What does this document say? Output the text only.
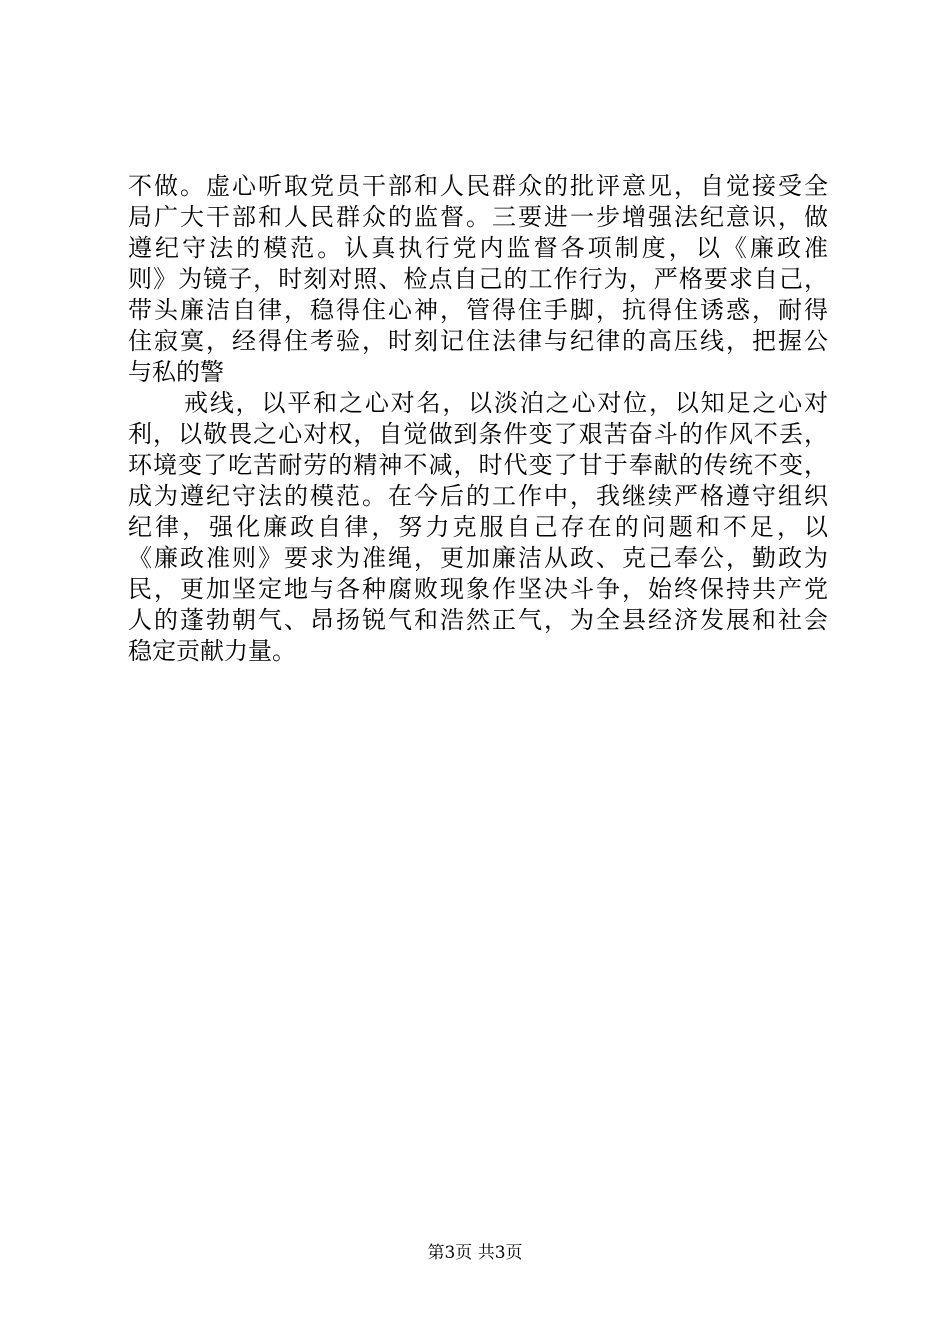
不做。虚心听取党员干部和人民群众的批评意见，自觉接受全
局广大干部和人民群众的监督。三要进一步增强法纪意识，做
遵纪守法的模范。认真执行党内监督各项制度，以《廉政准
则》为镜子，时刻对照、检点自己的工作行为，严格要求自己，
带头廉洁自律，稳得住心神，管得住手脚，抗得住诱惑，耐得
住寂寞，经得住考验，时刻记住法律与纪律的高压线，把握公
与私的警
戒线，以平和之心对名，以淡泊之心对位，以知足之心对
利，以敬畏之心对权，自觉做到条件变了艰苦奋斗的作风不丢，
环境变了吃苦耐劳的精神不减，时代变了甘于奉献的传统不变，
成为遵纪守法的模范。在今后的工作中，我继续严格遵守组织
纪律，强化廉政自律，努力克服自己存在的问题和不足，以
《廉政准则》要求为准绳，更加廉洁从政、克己奉公，勤政为
民，更加坚定地与各种腐败现象作坚决斗争，始终保持共产党
人的蓬勃朝气、昂扬锐气和浩然正气，为全县经济发展和社会
稳定贡献力量。
第3页 共3页
